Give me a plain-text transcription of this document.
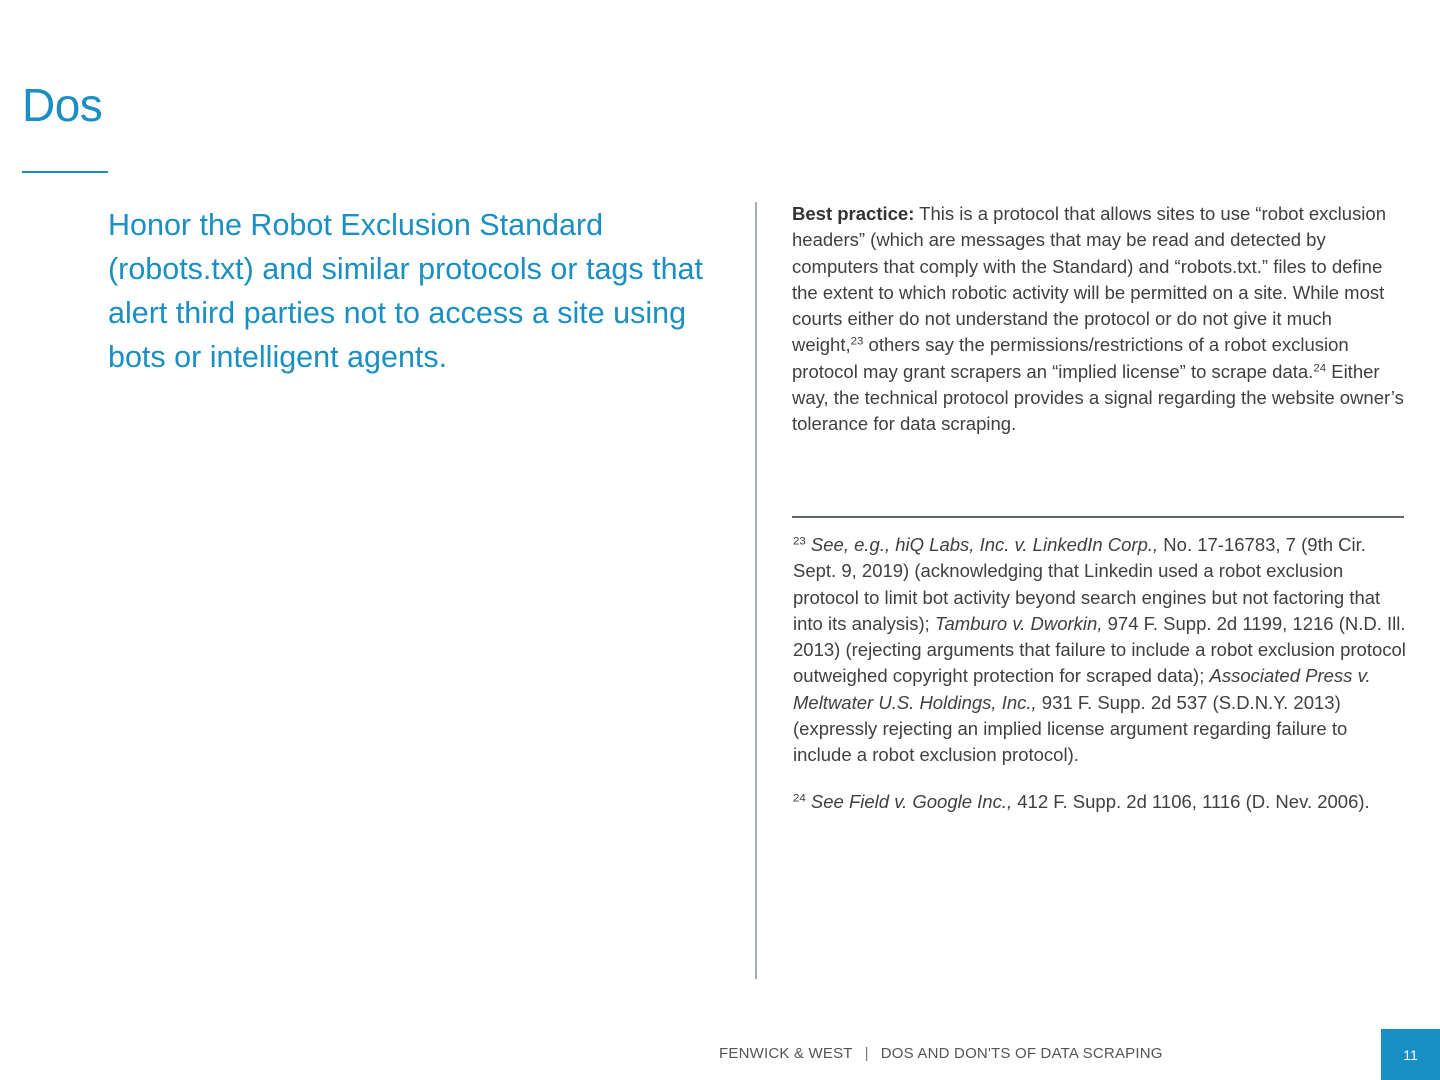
Dos

Honor the Robot Exclusion Standard (robots.txt) and similar protocols or tags that alert third parties not to access a site using bots or intelligent agents.

Best practice: This is a protocol that allows sites to use “robot exclusion headers” (which are messages that may be read and detected by computers that comply with the Standard) and “robots.txt.” files to define the extent to which robotic activity will be permitted on a site. While most courts either do not understand the protocol or do not give it much weight,$^{23}$ others say the permissions/restrictions of a robot exclusion protocol may grant scrapers an “implied license” to scrape data.$^{24}$ Either way, the technical protocol provides a signal regarding the website owner’s tolerance for data scraping.

$^{23}$ See, e.g., hiQ Labs, Inc. v. LinkedIn Corp., No. 17-16783, 7 (9th Cir. Sept. 9, 2019) (acknowledging that Linkedin used a robot exclusion protocol to limit bot activity beyond search engines but not factoring that into its analysis); Tamburo v. Dworkin, 974 F. Supp. 2d 1199, 1216 (N.D. Ill. 2013) (rejecting arguments that failure to include a robot exclusion protocol outweighed copyright protection for scraped data); Associated Press v. Meltwater U.S. Holdings, Inc., 931 F. Supp. 2d 537 (S.D.N.Y. 2013) (expressly rejecting an implied license argument regarding failure to include a robot exclusion protocol).

$^{24}$ See Field v. Google Inc., 412 F. Supp. 2d 1106, 1116 (D. Nev. 2006).

FENWICK & WEST | DOS AND DON'TS OF DATA SCRAPING	11
